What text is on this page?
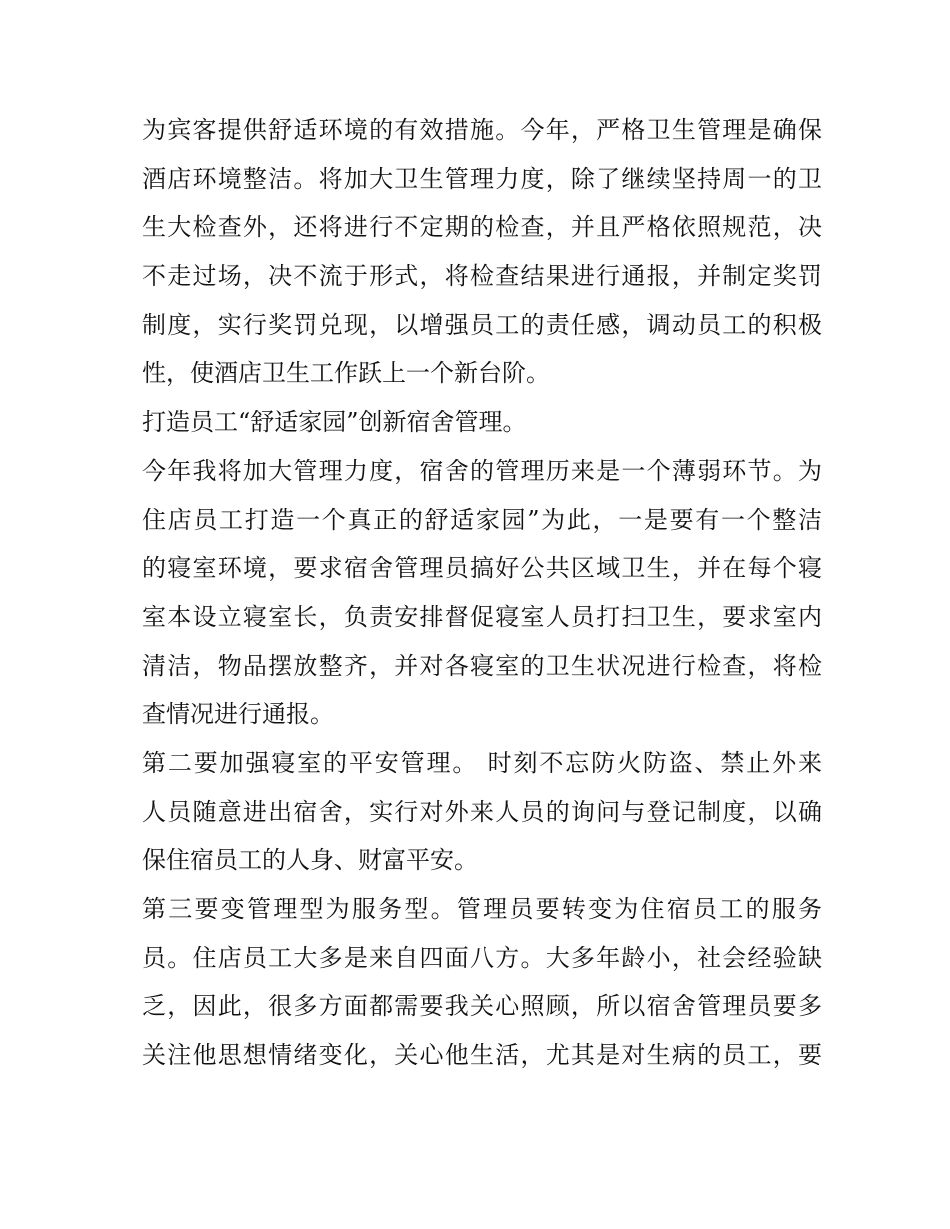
为宾客提供舒适环境的有效措施。今年，严格卫生管理是确保
酒店环境整洁。将加大卫生管理力度，除了继续坚持周一的卫
生大检查外，还将进行不定期的检查，并且严格依照规范，决
不走过场，决不流于形式，将检查结果进行通报，并制定奖罚
制度，实行奖罚兑现，以增强员工的责任感，调动员工的积极
性，使酒店卫生工作跃上一个新台阶。
打造员工“舒适家园”创新宿舍管理。
今年我将加大管理力度，宿舍的管理历来是一个薄弱环节。为
住店员工打造一个真正的舒适家园”为此，一是要有一个整洁
的寝室环境，要求宿舍管理员搞好公共区域卫生，并在每个寝
室本设立寝室长，负责安排督促寝室人员打扫卫生，要求室内
清洁，物品摆放整齐，并对各寝室的卫生状况进行检查，将检
查情况进行通报。
第二要加强寝室的平安管理。 时刻不忘防火防盗、禁止外来
人员随意进出宿舍，实行对外来人员的询问与登记制度，以确
保住宿员工的人身、财富平安。
第三要变管理型为服务型。管理员要转变为住宿员工的服务
员。住店员工大多是来自四面八方。大多年龄小，社会经验缺
乏，因此，很多方面都需要我关心照顾，所以宿舍管理员要多
关注他思想情绪变化，关心他生活，尤其是对生病的员工，要
